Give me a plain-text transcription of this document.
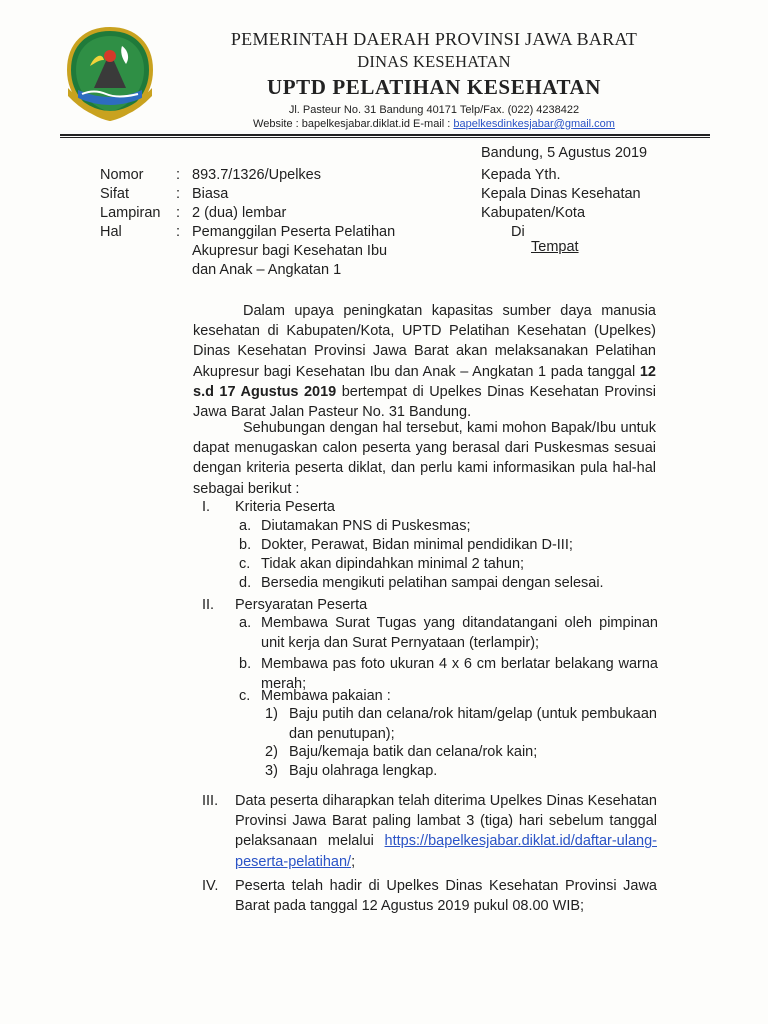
PEMERINTAH DAERAH PROVINSI JAWA BARAT
DINAS KESEHATAN
UPTD PELATIHAN KESEHATAN
Jl. Pasteur No. 31 Bandung 40171 Telp/Fax. (022) 4238422
Website : bapelkesjabar.diklat.id E-mail : bapelkesdinkesjabar@gmail.com
Bandung, 5 Agustus 2019
Nomor : 893.7/1326/Upelkes
Sifat	: Biasa
Lampiran : 2 (dua) lembar
Hal	: Pemanggilan Peserta Pelatihan
Akupresur bagi Kesehatan Ibu
dan Anak – Angkatan 1
Kepada Yth.
Kepala Dinas Kesehatan
Kabupaten/Kota
Di
Tempat
Dalam upaya peningkatan kapasitas sumber daya manusia kesehatan di Kabupaten/Kota, UPTD Pelatihan Kesehatan (Upelkes) Dinas Kesehatan Provinsi Jawa Barat akan melaksanakan Pelatihan Akupresur bagi Kesehatan Ibu dan Anak – Angkatan 1 pada tanggal 12 s.d 17 Agustus 2019 bertempat di Upelkes Dinas Kesehatan Provinsi Jawa Barat Jalan Pasteur No. 31 Bandung.
Sehubungan dengan hal tersebut, kami mohon Bapak/Ibu untuk dapat menugaskan calon peserta yang berasal dari Puskesmas sesuai dengan kriteria peserta diklat, dan perlu kami informasikan pula hal-hal sebagai berikut :
I. Kriteria Peserta
a. Diutamakan PNS di Puskesmas;
b. Dokter, Perawat, Bidan minimal pendidikan D-III;
c. Tidak akan dipindahkan minimal 2 tahun;
d. Bersedia mengikuti pelatihan sampai dengan selesai.
II. Persyaratan Peserta
a. Membawa Surat Tugas yang ditandatangani oleh pimpinan unit kerja dan Surat Pernyataan (terlampir);
b. Membawa pas foto ukuran 4 x 6 cm berlatar belakang warna merah;
c. Membawa pakaian :
1) Baju putih dan celana/rok hitam/gelap (untuk pembukaan dan penutupan);
2) Baju/kemaja batik dan celana/rok kain;
3) Baju olahraga lengkap.
III. Data peserta diharapkan telah diterima Upelkes Dinas Kesehatan Provinsi Jawa Barat paling lambat 3 (tiga) hari sebelum tanggal pelaksanaan melalui https://bapelkesjabar.diklat.id/daftar-ulang-peserta-pelatihan/;
IV. Peserta telah hadir di Upelkes Dinas Kesehatan Provinsi Jawa Barat pada tanggal 12 Agustus 2019 pukul 08.00 WIB;
